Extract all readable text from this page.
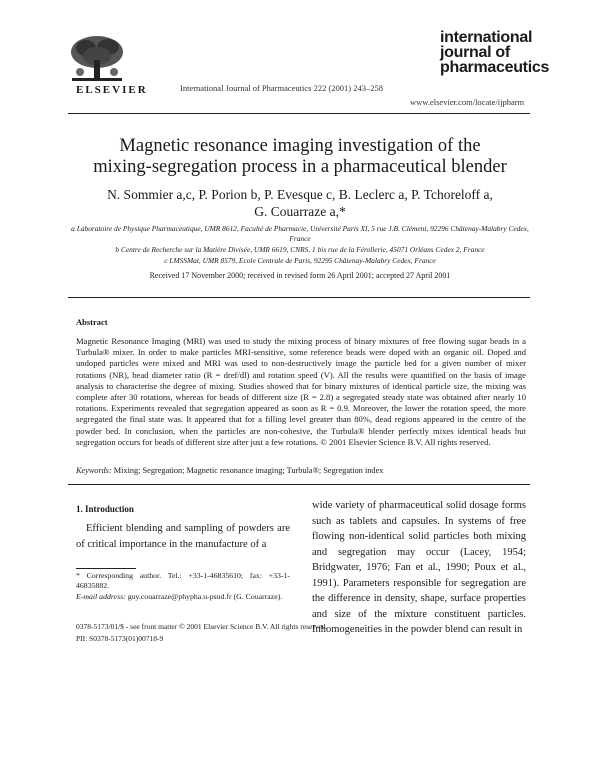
ELSEVIER	International Journal of Pharmaceutics 222 (2001) 243–258
international
journal of
pharmaceutics
www.elsevier.com/locate/ijpharm
Magnetic resonance imaging investigation of the
mixing-segregation process in a pharmaceutical blender
N. Sommier a,c, P. Porion b, P. Evesque c, B. Leclerc a, P. Tchoreloff a,
G. Couarraze a,*
a Laboratoire de Physique Pharmaceutique, UMR 8612, Faculté de Pharmacie, Université Paris XI, 5 rue J.B. Clément, 92296 Châtenay-Malabry Cedex, France
b Centre de Recherche sur la Matière Divisée, UMR 6619, CNRS, 1 bis rue de la Férollerie, 45071 Orléans Cedex 2, France
c LMSSMat, UMR 8579, Ecole Centrale de Paris, 92295 Châtenay-Malabry Cedex, France
Received 17 November 2000; received in revised form 26 April 2001; accepted 27 April 2001
Abstract
Magnetic Resonance Imaging (MRI) was used to study the mixing process of binary mixtures of free flowing sugar beads in a Turbula® mixer. In order to make particles MRI-sensitive, some reference beads were doped with an organic oil. Doped and undoped particles were mixed and MRI was used to non-destructively image the particle bed for a given number of mixer rotations (NR), bead diameter ratio (R = dref/dl) and rotation speed (V). All the results were quantified on the basis of image analysis to characterise the degree of mixing. Studies showed that for binary mixtures of identical particle size, the mixing was complete after 30 rotations, whereas for beads of different size (R = 2.8) a segregated steady state was obtained after nearly 10 rotations. Experiments revealed that segregation appeared as soon as R = 0.9. Moreover, the lower the rotation speed, the more segregated the final state was. It appeared that for a filling level greater than 80%, dead regions appeared in the centre of the powder bed. In conclusion, when the particles are non-cohesive, the Turbula® blender perfectly mixes identical beads but segregation occurs for beads of different size after just a few rotations. © 2001 Elsevier Science B.V. All rights reserved.
Keywords: Mixing; Segregation; Magnetic resonance imaging; Turbula®; Segregation index
1. Introduction
Efficient blending and sampling of powders are of critical importance in the manufacture of a
wide variety of pharmaceutical solid dosage forms such as tablets and capsules. In systems of free flowing non-identical solid particles both mixing and segregation may occur (Lacey, 1954; Bridgwater, 1976; Fan et al., 1990; Poux et al., 1991). Parameters responsible for segregation are the difference in density, shape, surface properties and size of the mixture constituent particles. Inhomogeneities in the powder blend can result in
* Corresponding author. Tel.: +33-1-46835610; fax: +33-1-46835882.
E-mail address: guy.couarraze@phypha.u-psud.fr (G. Couarraze).
0378-5173/01/$ - see front matter © 2001 Elsevier Science B.V. All rights reserved.
PII: S0378-5173(01)00718-9
